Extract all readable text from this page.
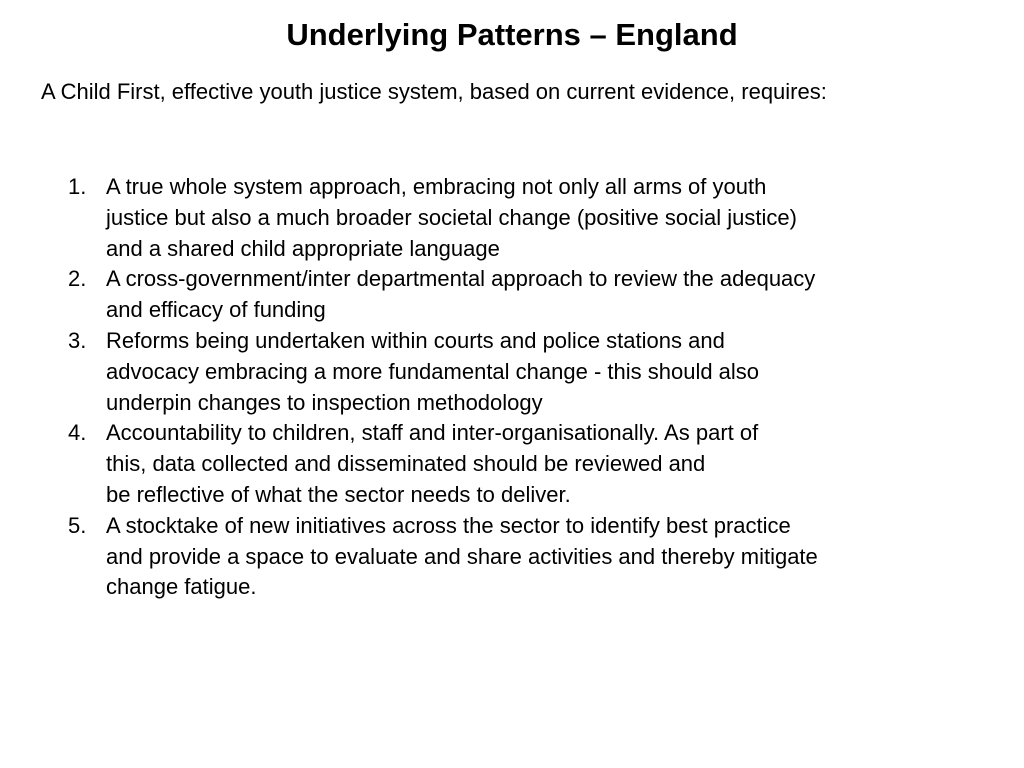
Underlying Patterns – England

A Child First, effective youth justice system, based on current evidence, requires:

1. A true whole system approach, embracing not only all arms of youth
justice but also a much broader societal change (positive social justice)
and a shared child appropriate language
2. A cross-government/inter departmental approach to review the adequacy
and efficacy of funding
3. Reforms being undertaken within courts and police stations and
advocacy embracing a more fundamental change - this should also
underpin changes to inspection methodology
4. Accountability to children, staff and inter-organisationally. As part of
this, data collected and disseminated should be reviewed and
be reflective of what the sector needs to deliver.
5. A stocktake of new initiatives across the sector to identify best practice
and provide a space to evaluate and share activities and thereby mitigate
change fatigue.
